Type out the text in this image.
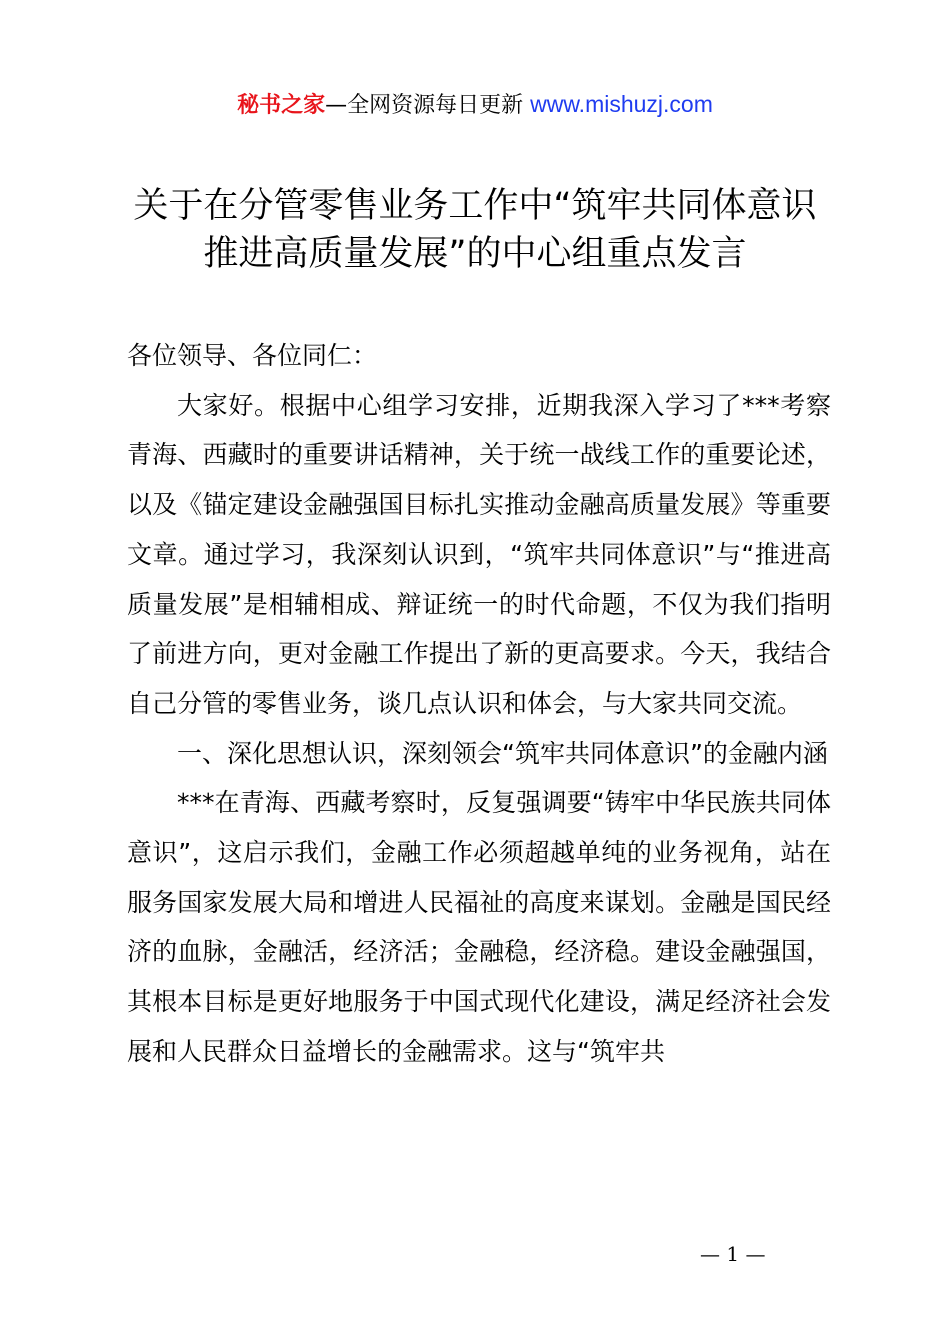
秘书之家—全网资源每日更新 www.mishuzj.com
关于在分管零售业务工作中“筑牢共同体意识
推进高质量发展”的中心组重点发言

各位领导、各位同仁：

大家好。根据中心组学习安排，近期我深入学习了***考察青海、西藏时的重要讲话精神，关于统一战线工作的重要论述，以及《锚定建设金融强国目标扎实推动金融高质量发展》等重要文章。通过学习，我深刻认识到，“筑牢共同体意识”与“推进高质量发展”是相辅相成、辩证统一的时代命题，不仅为我们指明了前进方向，更对金融工作提出了新的更高要求。今天，我结合自己分管的零售业务，谈几点认识和体会，与大家共同交流。

一、深化思想认识，深刻领会“筑牢共同体意识”的金融内涵

***在青海、西藏考察时，反复强调要“铸牢中华民族共同体意识”，这启示我们，金融工作必须超越单纯的业务视角，站在服务国家发展大局和增进人民福祉的高度来谋划。金融是国民经济的血脉，金融活，经济活；金融稳，经济稳。建设金融强国，其根本目标是更好地服务于中国式现代化建设，满足经济社会发展和人民群众日益增长的金融需求。这与“筑牢共

— 1 —
